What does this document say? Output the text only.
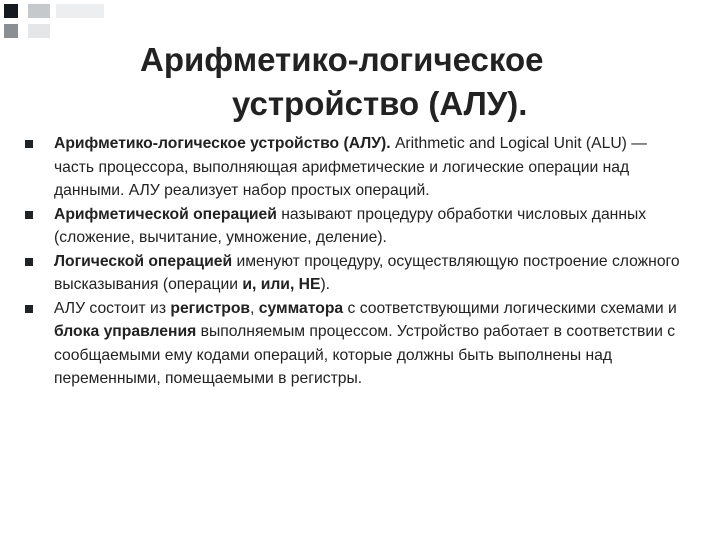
Арифметико-логическое
устройство (АЛУ).
Арифметико-логическое устройство (АЛУ). Arithmetic and Logical Unit (ALU) — часть процессора, выполняющая арифметические и логические операции над данными. АЛУ реализует набор простых операций.
Арифметической операцией называют процедуру обработки числовых данных (сложение, вычитание, умножение, деление).
Логической операцией именуют процедуру, осуществляющую построение сложного высказывания (операции и, или, НЕ).
АЛУ состоит из регистров, сумматора с соответствующими логическими схемами и блока управления выполняемым процессом. Устройство работает в соответствии с сообщаемыми ему кодами операций, которые должны быть выполнены над переменными, помещаемыми в регистры.
